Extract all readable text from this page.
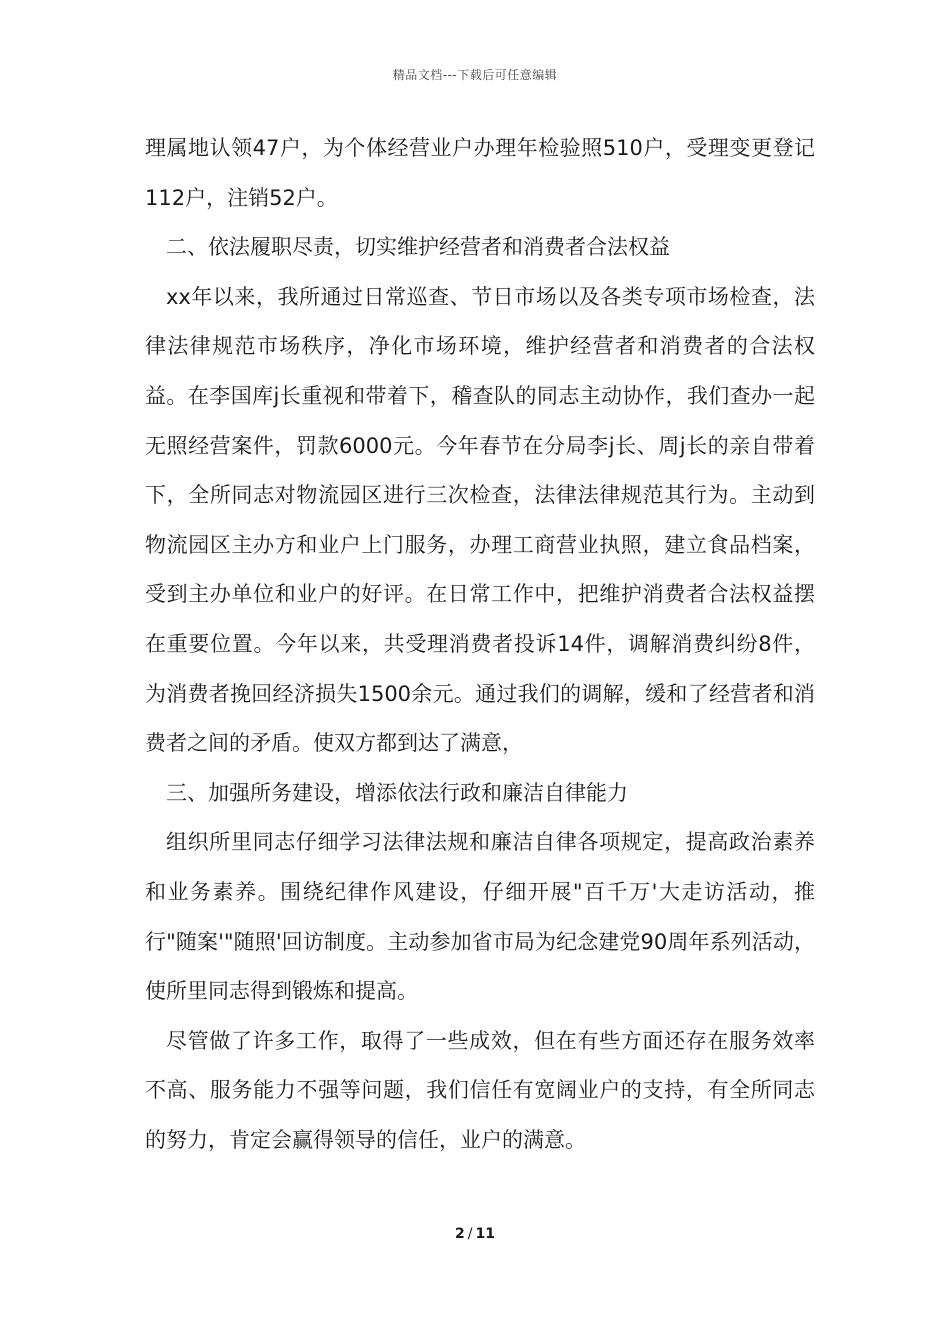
精品文档---下载后可任意编辑

理属地认领47户，为个体经营业户办理年检验照510户，受理变更登记112户，注销52户。

二、依法履职尽责，切实维护经营者和消费者合法权益

xx年以来，我所通过日常巡查、节日市场以及各类专项市场检查，法律法律规范市场秩序，净化市场环境，维护经营者和消费者的合法权益。在李国库j长重视和带着下，稽查队的同志主动协作，我们查办一起无照经营案件，罚款6000元。今年春节在分局李j长、周j长的亲自带着下，全所同志对物流园区进行三次检查，法律法律规范其行为。主动到物流园区主办方和业户上门服务，办理工商营业执照，建立食品档案，受到主办单位和业户的好评。在日常工作中，把维护消费者合法权益摆在重要位置。今年以来，共受理消费者投诉14件，调解消费纠纷8件，为消费者挽回经济损失1500余元。通过我们的调解，缓和了经营者和消费者之间的矛盾。使双方都到达了满意，

三、加强所务建设，增添依法行政和廉洁自律能力

组织所里同志仔细学习法律法规和廉洁自律各项规定，提高政治素养和业务素养。围绕纪律作风建设，仔细开展"百千万'大走访活动，推行"随案'"随照'回访制度。主动参加省市局为纪念建党90周年系列活动，使所里同志得到锻炼和提高。

尽管做了许多工作，取得了一些成效，但在有些方面还存在服务效率不高、服务能力不强等问题，我们信任有宽阔业户的支持，有全所同志的努力，肯定会赢得领导的信任，业户的满意。

2 / 11
